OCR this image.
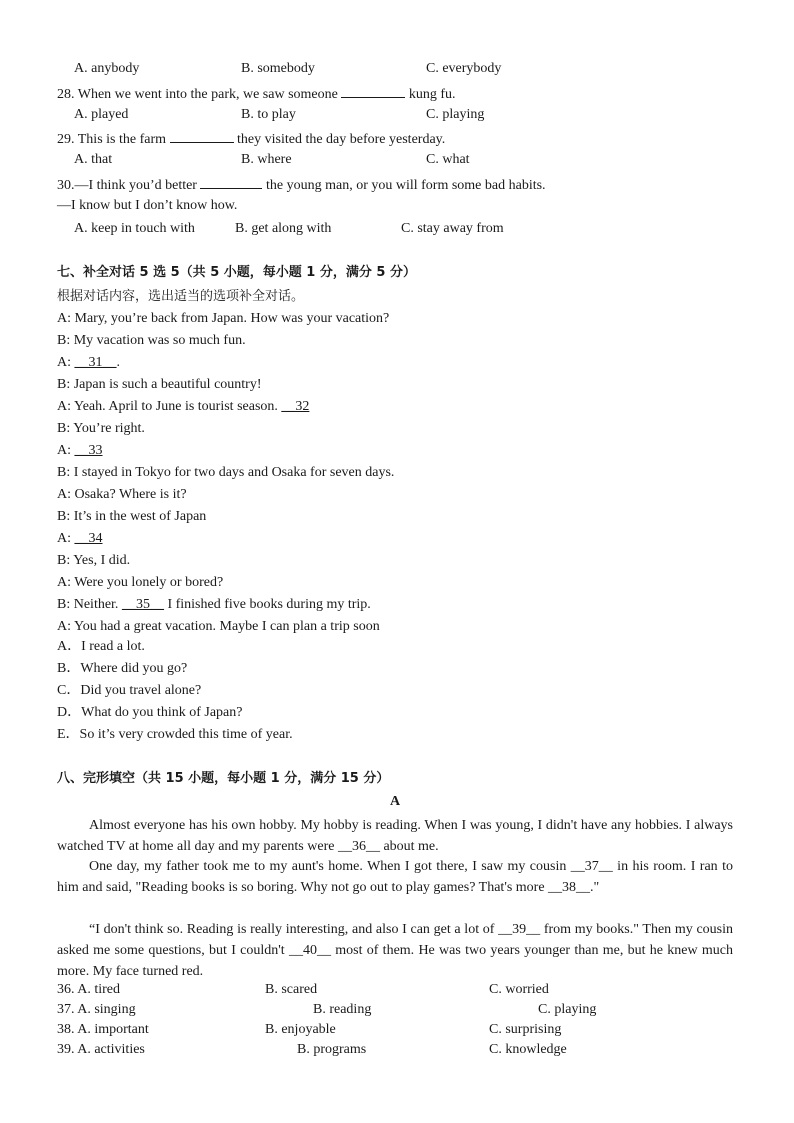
A. anybody	B. somebody	C. everybody
28. When we went into the park, we saw someone	kung fu.
A. played	B. to play	C. playing
29. This is the farm	they visited the day before yesterday.
A. that	B. where	C. what
30.—I think you’d better	the young man, or you will form some bad habits.
—I know but I don’t know how.
A. keep in touch with	B. get along with	C. stay away from
七、补全对话 5 选 5（共 5 小题，每小题 1 分，满分 5 分）
根据对话内容，选出适当的选项补全对话。
A: Mary, you’re back from Japan. How was your vacation?
B: My vacation was so much fun.
A: __31__.
B: Japan is such a beautiful country!
A: Yeah. April to June is tourist season. __32
B: You’re right.
A: __33
B: I stayed in Tokyo for two days and Osaka for seven days.
A: Osaka? Where is it?
B: It’s in the west of Japan
A: __34
B: Yes, I did.
A: Were you lonely or bored?
B: Neither. __35__ I finished five books during my trip.
A: You had a great vacation. Maybe I can plan a trip soon
A．I read a lot.
B．Where did you go?
C．Did you travel alone?
D．What do you think of Japan?
E．So it’s very crowded this time of year.
八、完形填空（共 15 小题，每小题 1 分，满分 15 分）
A
Almost everyone has his own hobby. My hobby is reading. When I was young, I didn't have any hobbies. I always watched TV at home all day and my parents were __36__ about me.
One day, my father took me to my aunt's home. When I got there, I saw my cousin __37__ in his room. I ran to him and said, "Reading books is so boring. Why not go out to play games? That's more __38__."
“I don't think so. Reading is really interesting, and also I can get a lot of __39__ from my books." Then my cousin asked me some questions, but I couldn't __40__ most of them. He was two years younger than me, but he knew much more. My face turned red.
36. A. tired	B. scared	C. worried
37. A. singing	B. reading	C. playing
38. A. important	B. enjoyable	C. surprising
39. A. activities	B. programs	C. knowledge
